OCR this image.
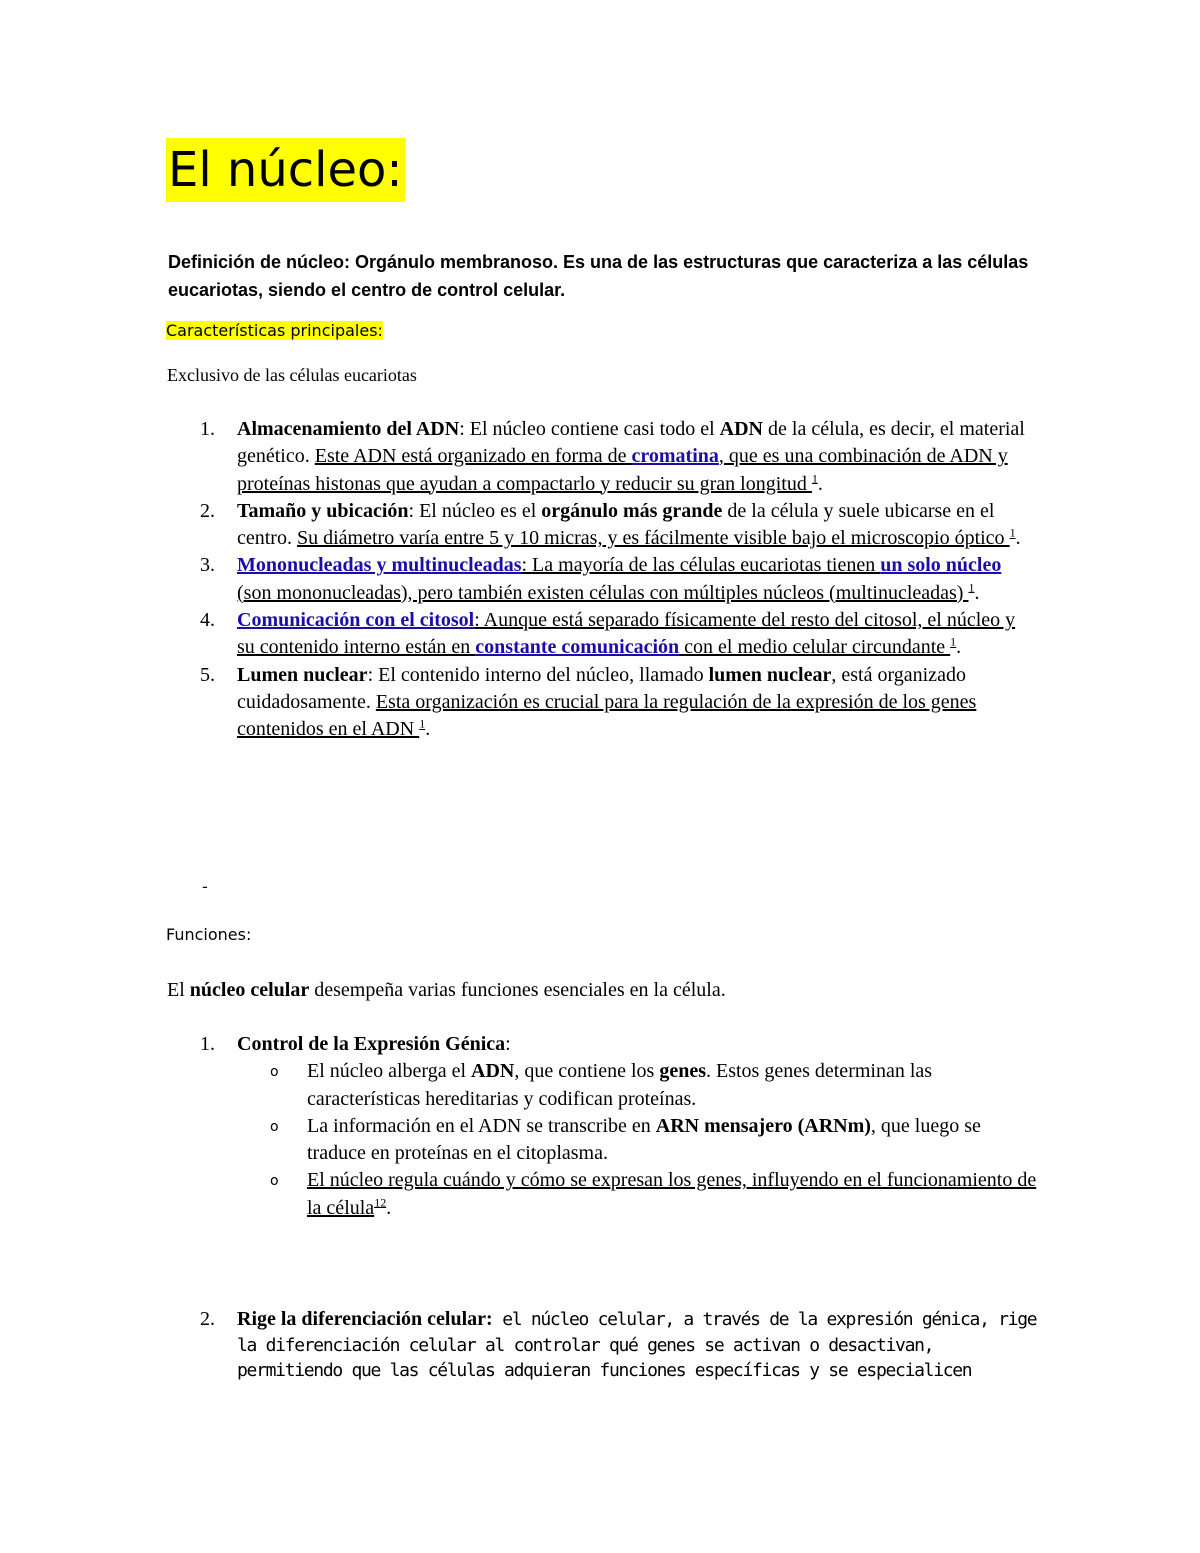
El núcleo:
Definición de núcleo: Orgánulo membranoso. Es una de las estructuras que caracteriza a las células eucariotas, siendo el centro de control celular.
Características principales:
Exclusivo de las células eucariotas
1. Almacenamiento del ADN: El núcleo contiene casi todo el ADN de la célula, es decir, el material genético. Este ADN está organizado en forma de cromatina, que es una combinación de ADN y proteínas histonas que ayudan a compactarlo y reducir su gran longitud $^1$.
2. Tamaño y ubicación: El núcleo es el orgánulo más grande de la célula y suele ubicarse en el centro. Su diámetro varía entre 5 y 10 micras, y es fácilmente visible bajo el microscopio óptico $^1$.
3. Mononucleadas y multinucleadas: La mayoría de las células eucariotas tienen un solo núcleo (son mononucleadas), pero también existen células con múltiples núcleos (multinucleadas) $^1$.
4. Comunicación con el citosol: Aunque está separado físicamente del resto del citosol, el núcleo y su contenido interno están en constante comunicación con el medio celular circundante $^1$.
5. Lumen nuclear: El contenido interno del núcleo, llamado lumen nuclear, está organizado cuidadosamente. Esta organización es crucial para la regulación de la expresión de los genes contenidos en el ADN $^1$.
-
Funciones:
El núcleo celular desempeña varias funciones esenciales en la célula.
1. Control de la Expresión Génica:
o El núcleo alberga el ADN, que contiene los genes. Estos genes determinan las características hereditarias y codifican proteínas.
o La información en el ADN se transcribe en ARN mensajero (ARNm), que luego se traduce en proteínas en el citoplasma.
o El núcleo regula cuándo y cómo se expresan los genes, influyendo en el funcionamiento de la célula$^{12}$.
2. Rige la diferenciación celular: el núcleo celular, a través de la expresión génica, rige la diferenciación celular al controlar qué genes se activan o desactivan, permitiendo que las células adquieran funciones específicas y se especialicen
